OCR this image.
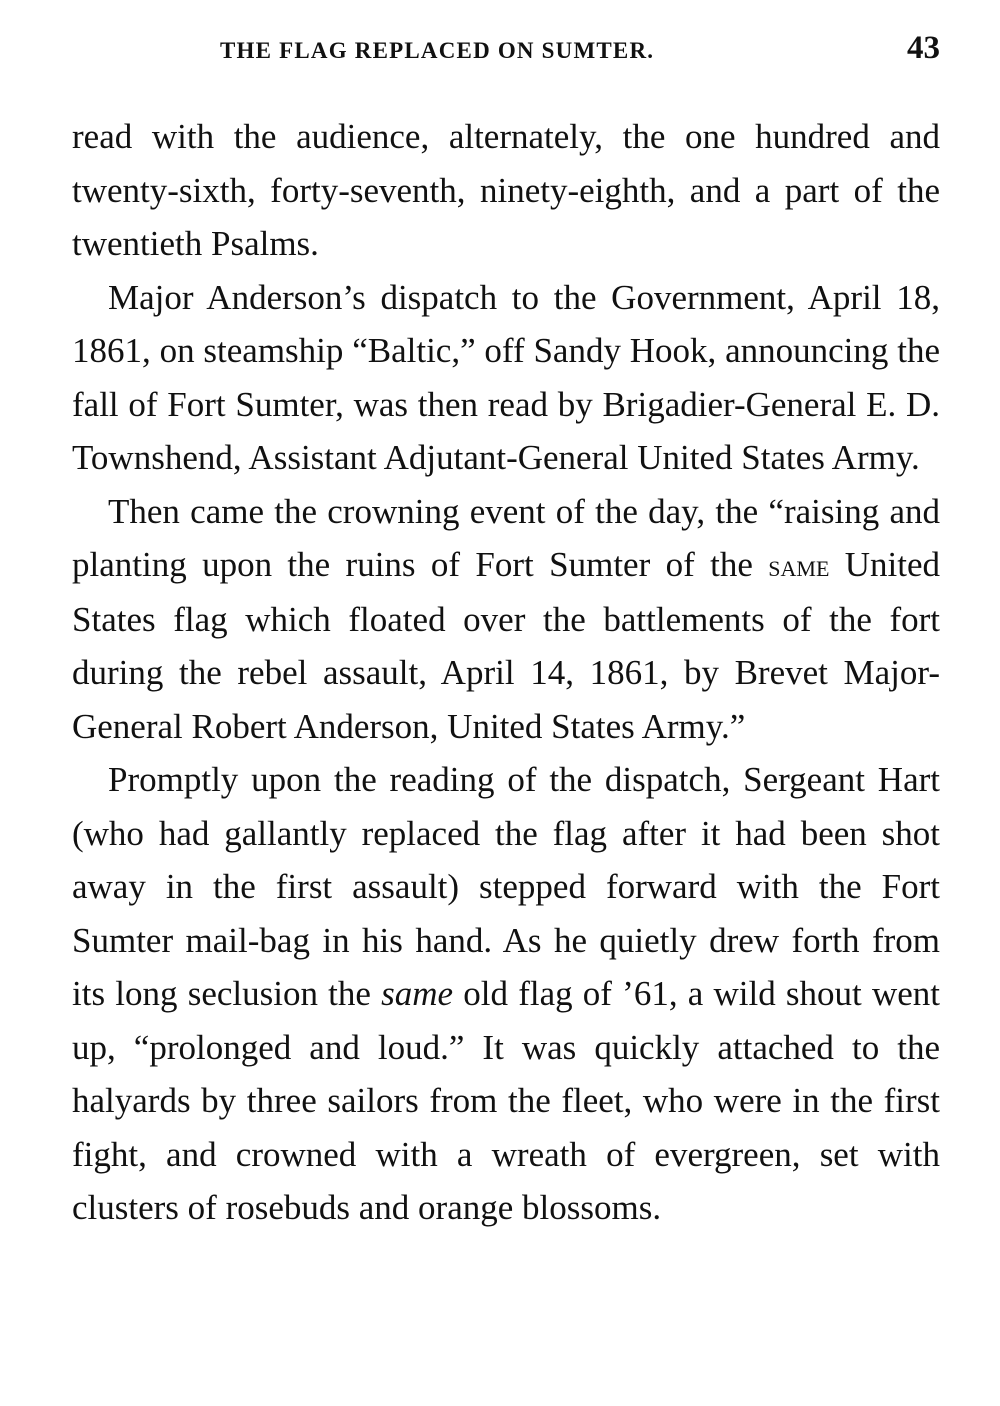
THE FLAG REPLACED ON SUMTER.	43

read with the audience, alternately, the one hundred and twenty-sixth, forty-seventh, ninety-eighth, and a part of the twentieth Psalms.

Major Anderson’s dispatch to the Government, April 18, 1861, on steamship “Baltic,” off Sandy Hook, announcing the fall of Fort Sumter, was then read by Brigadier-General E. D. Townshend, Assistant Adjutant-General United States Army.

Then came the crowning event of the day, the “raising and planting upon the ruins of Fort Sumter of the same United States flag which floated over the battlements of the fort during the rebel assault, April 14, 1861, by Brevet Major-General Robert Anderson, United States Army.”

Promptly upon the reading of the dispatch, Sergeant Hart (who had gallantly replaced the flag after it had been shot away in the first assault) stepped forward with the Fort Sumter mail-bag in his hand. As he quietly drew forth from its long seclusion the same old flag of ’61, a wild shout went up, “prolonged and loud.” It was quickly attached to the halyards by three sailors from the fleet, who were in the first fight, and crowned with a wreath of evergreen, set with clusters of rosebuds and orange blossoms.
